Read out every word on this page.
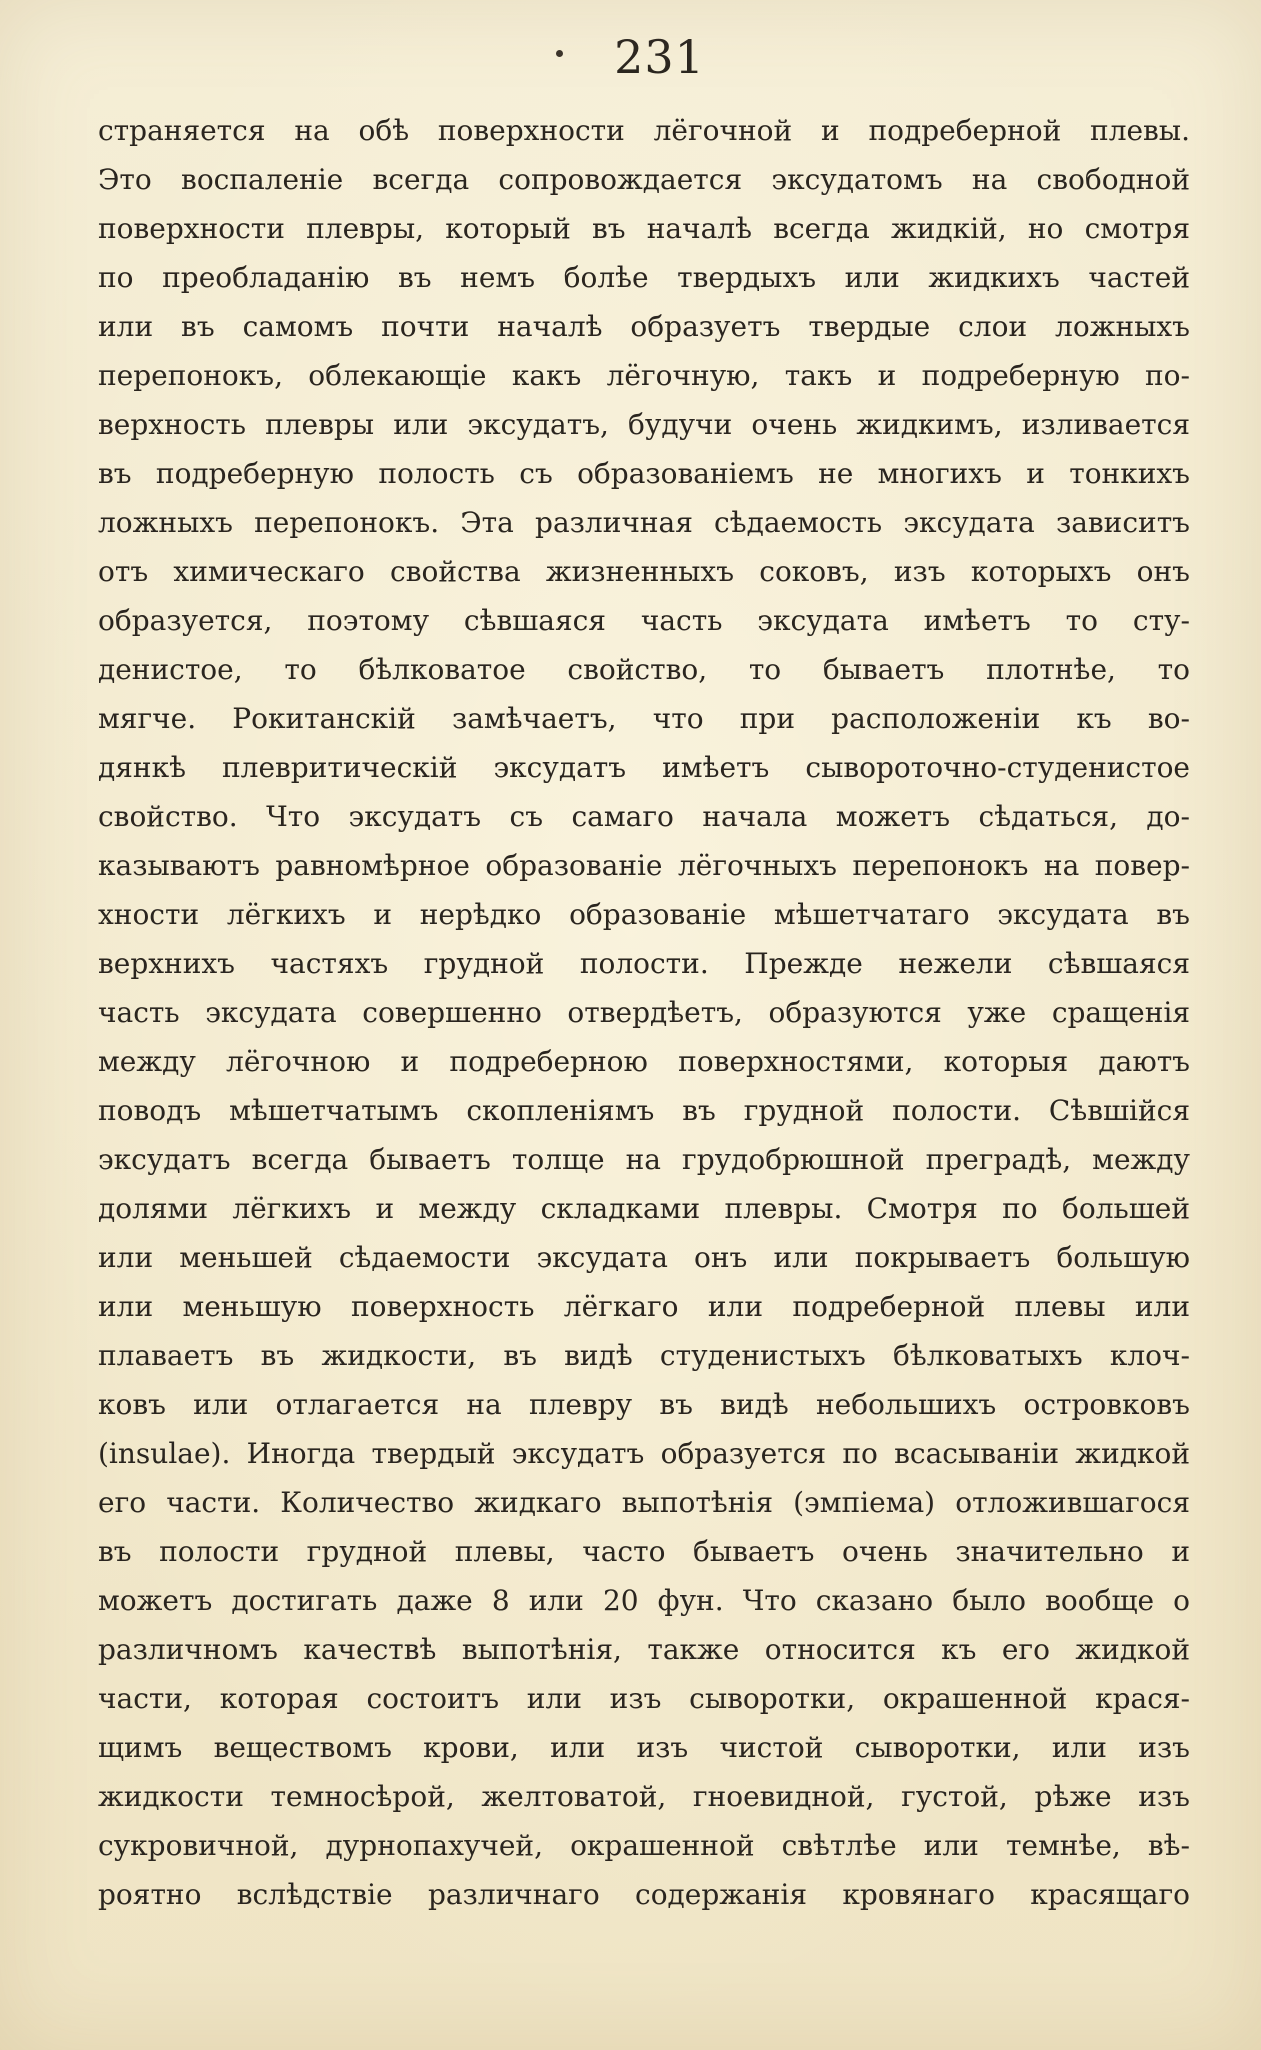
231
страняется на обѣ поверхности лёгочной и подреберной плевы.
Это воспаленіе всегда сопровождается эксудатомъ на свободной
поверхности плевры, который въ началѣ всегда жидкій, но смотря
по преобладанію въ немъ болѣе твердыхъ или жидкихъ частей
или въ самомъ почти началѣ образуетъ твердые слои ложныхъ
перепонокъ, облекающіе какъ лёгочную, такъ и подреберную по-
верхность плевры или эксудатъ, будучи очень жидкимъ, изливается
въ подреберную полость съ образованіемъ не многихъ и тонкихъ
ложныхъ перепонокъ. Эта различная сѣдаемость эксудата зависитъ
отъ химическаго свойства жизненныхъ соковъ, изъ которыхъ онъ
образуется, поэтому сѣвшаяся часть эксудата имѣетъ то сту-
денистое, то бѣлковатое свойство, то бываетъ плотнѣе, то
мягче. Рокитанскій замѣчаетъ, что при расположеніи къ во-
дянкѣ плевритическій эксудатъ имѣетъ сывороточно-студенистое
свойство. Что эксудатъ съ самаго начала можетъ сѣдаться, до-
казываютъ равномѣрное образованіе лёгочныхъ перепонокъ на повер-
хности лёгкихъ и нерѣдко образованіе мѣшетчатаго эксудата въ
верхнихъ частяхъ грудной полости. Прежде нежели сѣвшаяся
часть эксудата совершенно отвердѣетъ, образуются уже сращенія
между лёгочною и подреберною поверхностями, которыя даютъ
поводъ мѣшетчатымъ скопленіямъ въ грудной полости. Сѣвшійся
эксудатъ всегда бываетъ толще на грудобрюшной преградѣ, между
долями лёгкихъ и между складками плевры. Смотря по большей
или меньшей сѣдаемости эксудата онъ или покрываетъ большую
или меньшую поверхность лёгкаго или подреберной плевы или
плаваетъ въ жидкости, въ видѣ студенистыхъ бѣлковатыхъ клоч-
ковъ или отлагается на плевру въ видѣ небольшихъ островковъ
(insulae). Иногда твердый эксудатъ образуется по всасываніи жидкой
его части. Количество жидкаго выпотѣнія (эмпіема) отложившагося
въ полости грудной плевы, часто бываетъ очень значительно и
можетъ достигать даже 8 или 20 фун. Что сказано было вообще о
различномъ качествѣ выпотѣнія, также относится къ его жидкой
части, которая состоитъ или изъ сыворотки, окрашенной крася-
щимъ веществомъ крови, или изъ чистой сыворотки, или изъ
жидкости темносѣрой, желтоватой, гноевидной, густой, рѣже изъ
сукровичной, дурнопахучей, окрашенной свѣтлѣе или темнѣе, вѣ-
роятно вслѣдствіе различнаго содержанія кровянаго красящаго
